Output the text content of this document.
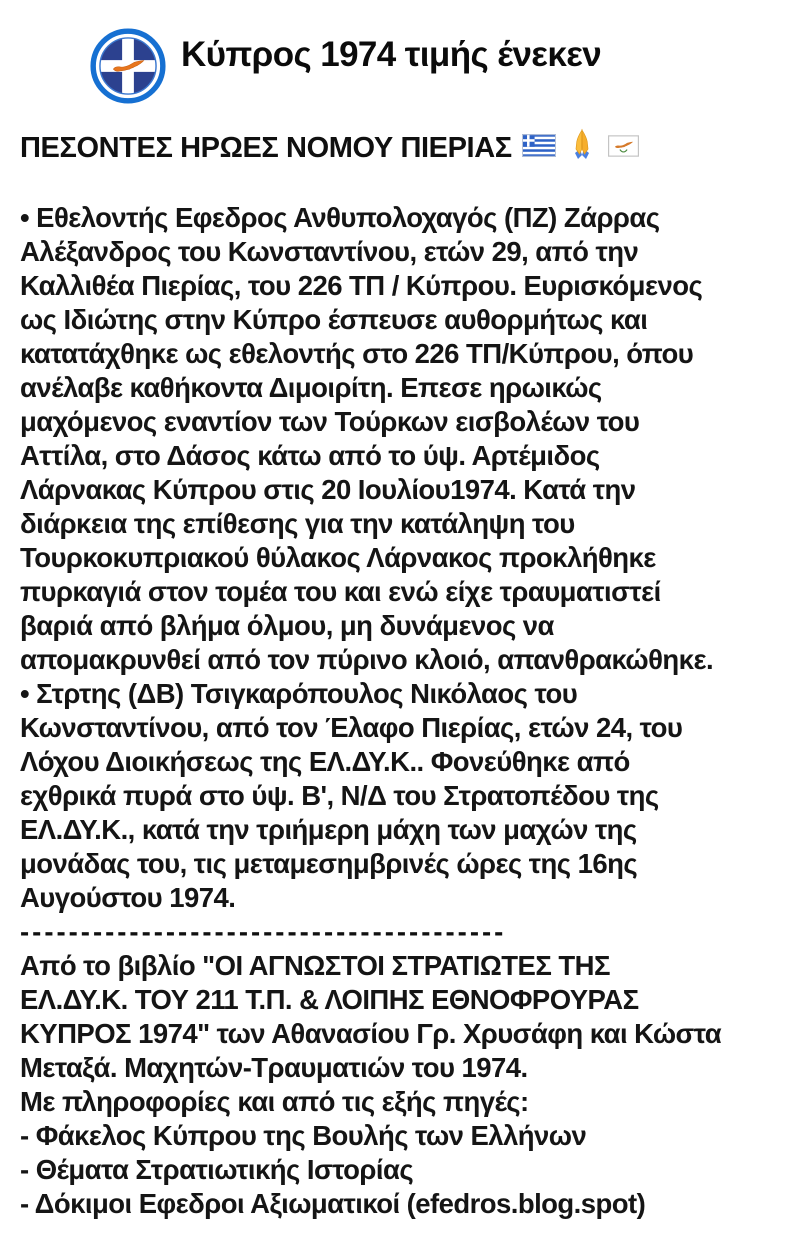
Κύπρος 1974 τιμής ένεκεν
ΠΕΣΟΝΤΕΣ ΗΡΩΕΣ ΝΟΜΟΥ ΠΙΕΡΙΑΣ
• Εθελοντής Εφεδρος Ανθυπολοχαγός (ΠΖ) Ζάρρας
Αλέξανδρος του Κωνσταντίνου, ετών 29, από την
Καλλιθέα Πιερίας, του 226 ΤΠ / Κύπρου. Ευρισκόμενος
ως Ιδιώτης στην Κύπρο έσπευσε αυθορμήτως και
κατατάχθηκε ως εθελοντής στο 226 ΤΠ/Κύπρου, όπου
ανέλαβε καθήκοντα Διμοιρίτη. Επεσε ηρωικώς
μαχόμενος εναντίον των Τούρκων εισβολέων του
Αττίλα, στο Δάσος κάτω από το ύψ. Αρτέμιδος
Λάρνακας Κύπρου στις 20 Ιουλίου1974. Κατά την
διάρκεια της επίθεσης για την κατάληψη του
Τουρκοκυπριακού θύλακος Λάρνακος προκλήθηκε
πυρκαγιά στον τομέα του και ενώ είχε τραυματιστεί
βαριά από βλήμα όλμου, μη δυνάμενος να
απομακρυνθεί από τον πύρινο κλοιό, απανθρακώθηκε.
• Στρτης (ΔΒ) Τσιγκαρόπουλος Νικόλαος του
Κωνσταντίνου, από τον Έλαφο Πιερίας, ετών 24, του
Λόχου Διοικήσεως της ΕΛ.ΔΥ.Κ.. Φονεύθηκε από
εχθρικά πυρά στο ύψ. Β', Ν/Δ του Στρατοπέδου της
ΕΛ.ΔΥ.Κ., κατά την τριήμερη μάχη των μαχών της
μονάδας του, τις μεταμεσημβρινές ώρες της 16ης
Αυγούστου 1974.
----------------------------------------
Από το βιβλίο "ΟΙ ΑΓΝΩΣΤΟΙ ΣΤΡΑΤΙΩΤΕΣ ΤΗΣ
ΕΛ.ΔΥ.Κ. ΤΟΥ 211 Τ.Π. & ΛΟΙΠΗΣ ΕΘΝΟΦΡΟΥΡΑΣ
ΚΥΠΡΟΣ 1974" των Αθανασίου Γρ. Χρυσάφη και Κώστα
Μεταξά. Μαχητών-Τραυματιών του 1974.
Με πληροφορίες και από τις εξής πηγές:
- Φάκελος Κύπρου της Βουλής των Ελλήνων
- Θέματα Στρατιωτικής Ιστορίας
- Δόκιμοι Εφεδροι Αξιωματικοί (efedros.blog.spot)
